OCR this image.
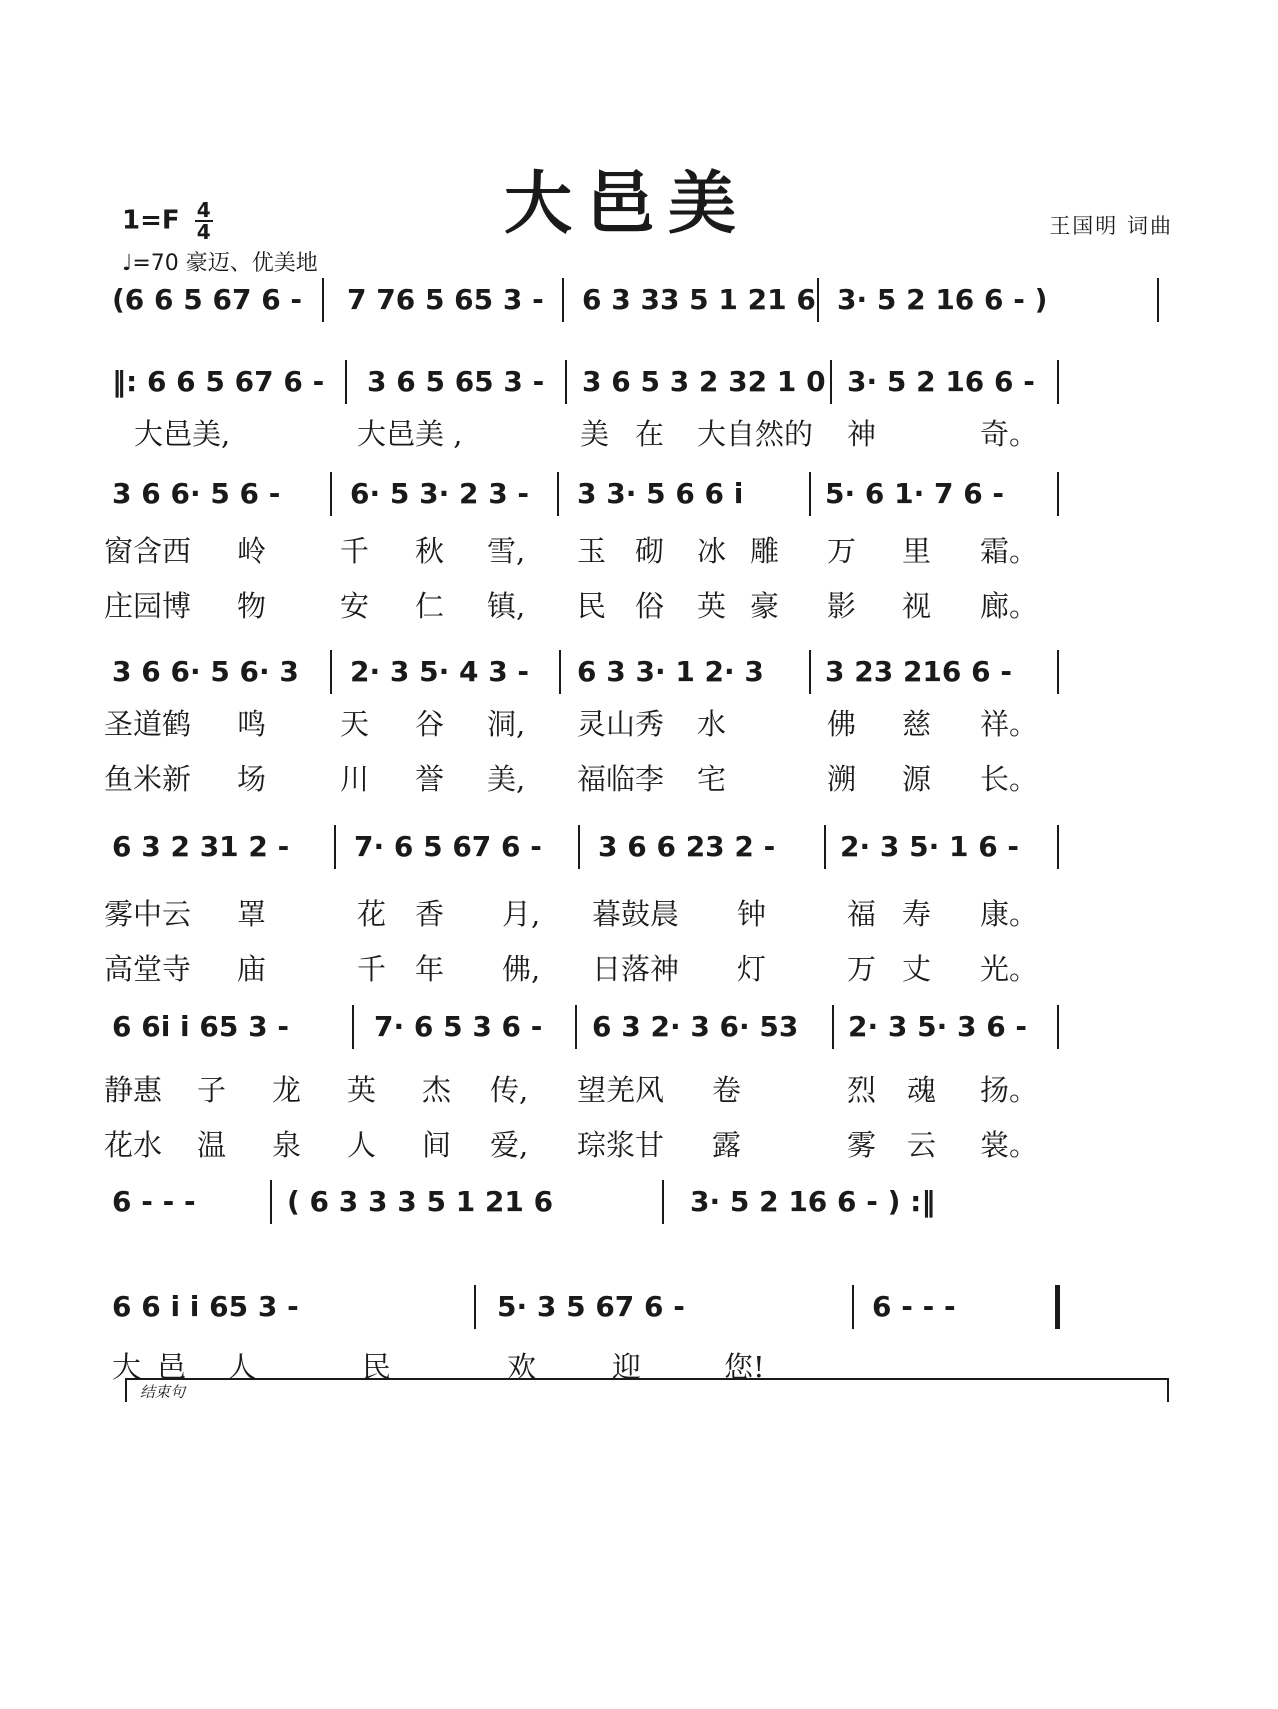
大邑美
$1=F \frac{4}{4}$
♩=70 豪迈、优美地
王国明 词曲
结束句
(6 6 5 67 6 - 7 76 5 65 3 - 6 3 33 5 1 21 6 3· 5 2 16 6 - )
‖: 6 6 5 67 6 - 3 6 5 65 3 - 3 6 5 3 2 32 1 0 3· 5 2 16 6 -
大邑美,	大邑美 ,	美 在 大自然的 神	奇。
3 6 6· 5 6 - 6· 5 3· 2 3 - 3 3· 5 6 6 i	5· 6 1· 7 6 -
窗含西 岭	千 秋 雪, 玉 砌 冰 雕 万 里 霜。
庄园博 物	安 仁 镇, 民 俗 英 豪 影 视 廊。
3 6 6· 5 6· 3 2· 3 5· 4 3 - 6 3 3· 1 2· 3 3 23 216 6 -
圣道鹤 鸣	天 谷 洞, 灵山秀 水	佛 慈 祥。
鱼米新 场	川 誉 美, 福临李 宅	溯 源 长。
6 3 2 31 2 - 7· 6 5 67 6 - 3 6 6 23 2 - 2· 3 5· 1 6 -
雾中云 罩	花 香 月, 暮鼓晨 钟	福 寿 康。
高堂寺 庙	千 年 佛, 日落神 灯	万 丈 光。
6 6i i 65 3 -	7· 6 5 3 6 - 6 3 2· 3 6· 53 2· 3 5· 3 6 -
静惠 子 龙 英 杰 传, 望羌风 卷	烈 魂 扬。
花水 温 泉 人 间 爱, 琮浆甘 露	雾 云 裳。
6 - - -	( 6 3 3 3 5 1 21 6	3· 5 2 16 6 - ) :‖
6 6 i i 65 3 -	5· 3 5 67 6 -	6 - - -
大 邑 人	民	欢	迎	您!
